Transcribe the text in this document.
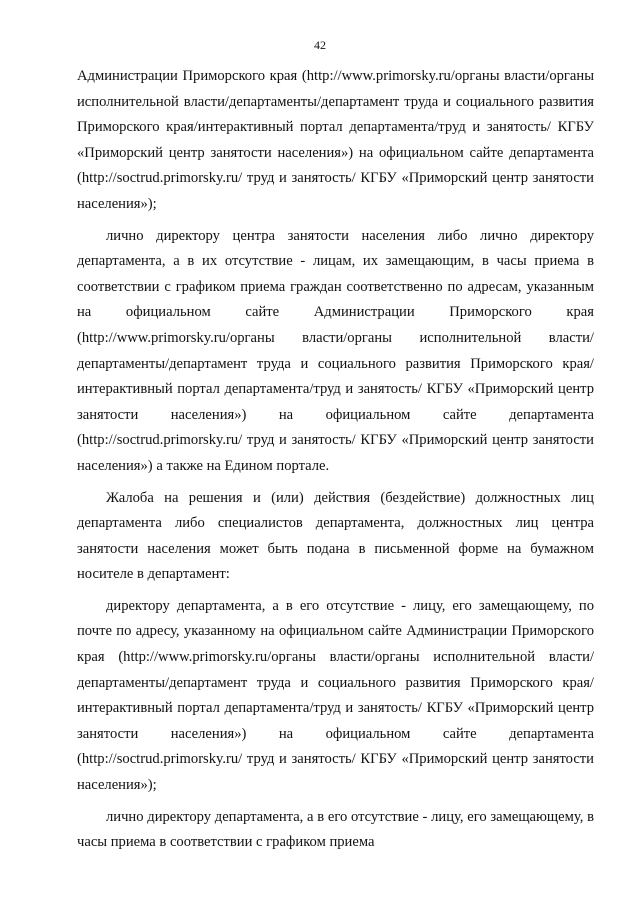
42

Администрации Приморского края (http://www.primorsky.ru/органы власти/органы исполнительной власти/департаменты/департамент труда и социального развития Приморского края/интерактивный портал департамента/труд и занятость/ КГБУ «Приморский центр занятости населения») на официальном сайте департамента (http://soctrud.primorsky.ru/ труд и занятость/ КГБУ «Приморский центр занятости населения»);

лично директору центра занятости населения либо лично директору департамента, а в их отсутствие - лицам, их замещающим, в часы приема в соответствии с графиком приема граждан соответственно по адресам, указанным на официальном сайте Администрации Приморского края (http://www.primorsky.ru/органы власти/органы исполнительной власти/департаменты/департамент труда и социального развития Приморского края/интерактивный портал департамента/труд и занятость/ КГБУ «Приморский центр занятости населения») на официальном сайте департамента (http://soctrud.primorsky.ru/ труд и занятость/ КГБУ «Приморский центр занятости населения») а также на Едином портале.

Жалоба на решения и (или) действия (бездействие) должностных лиц департамента либо специалистов департамента, должностных лиц центра занятости населения может быть подана в письменной форме на бумажном носителе в департамент:

директору департамента, а в его отсутствие - лицу, его замещающему, по почте по адресу, указанному на официальном сайте Администрации Приморского края (http://www.primorsky.ru/органы власти/органы исполнительной власти/департаменты/департамент труда и социального развития Приморского края/интерактивный портал департамента/труд и занятость/ КГБУ «Приморский центр занятости населения») на официальном сайте департамента (http://soctrud.primorsky.ru/ труд и занятость/ КГБУ «Приморский центр занятости населения»);

лично директору департамента, а в его отсутствие - лицу, его замещающему, в часы приема в соответствии с графиком приема
